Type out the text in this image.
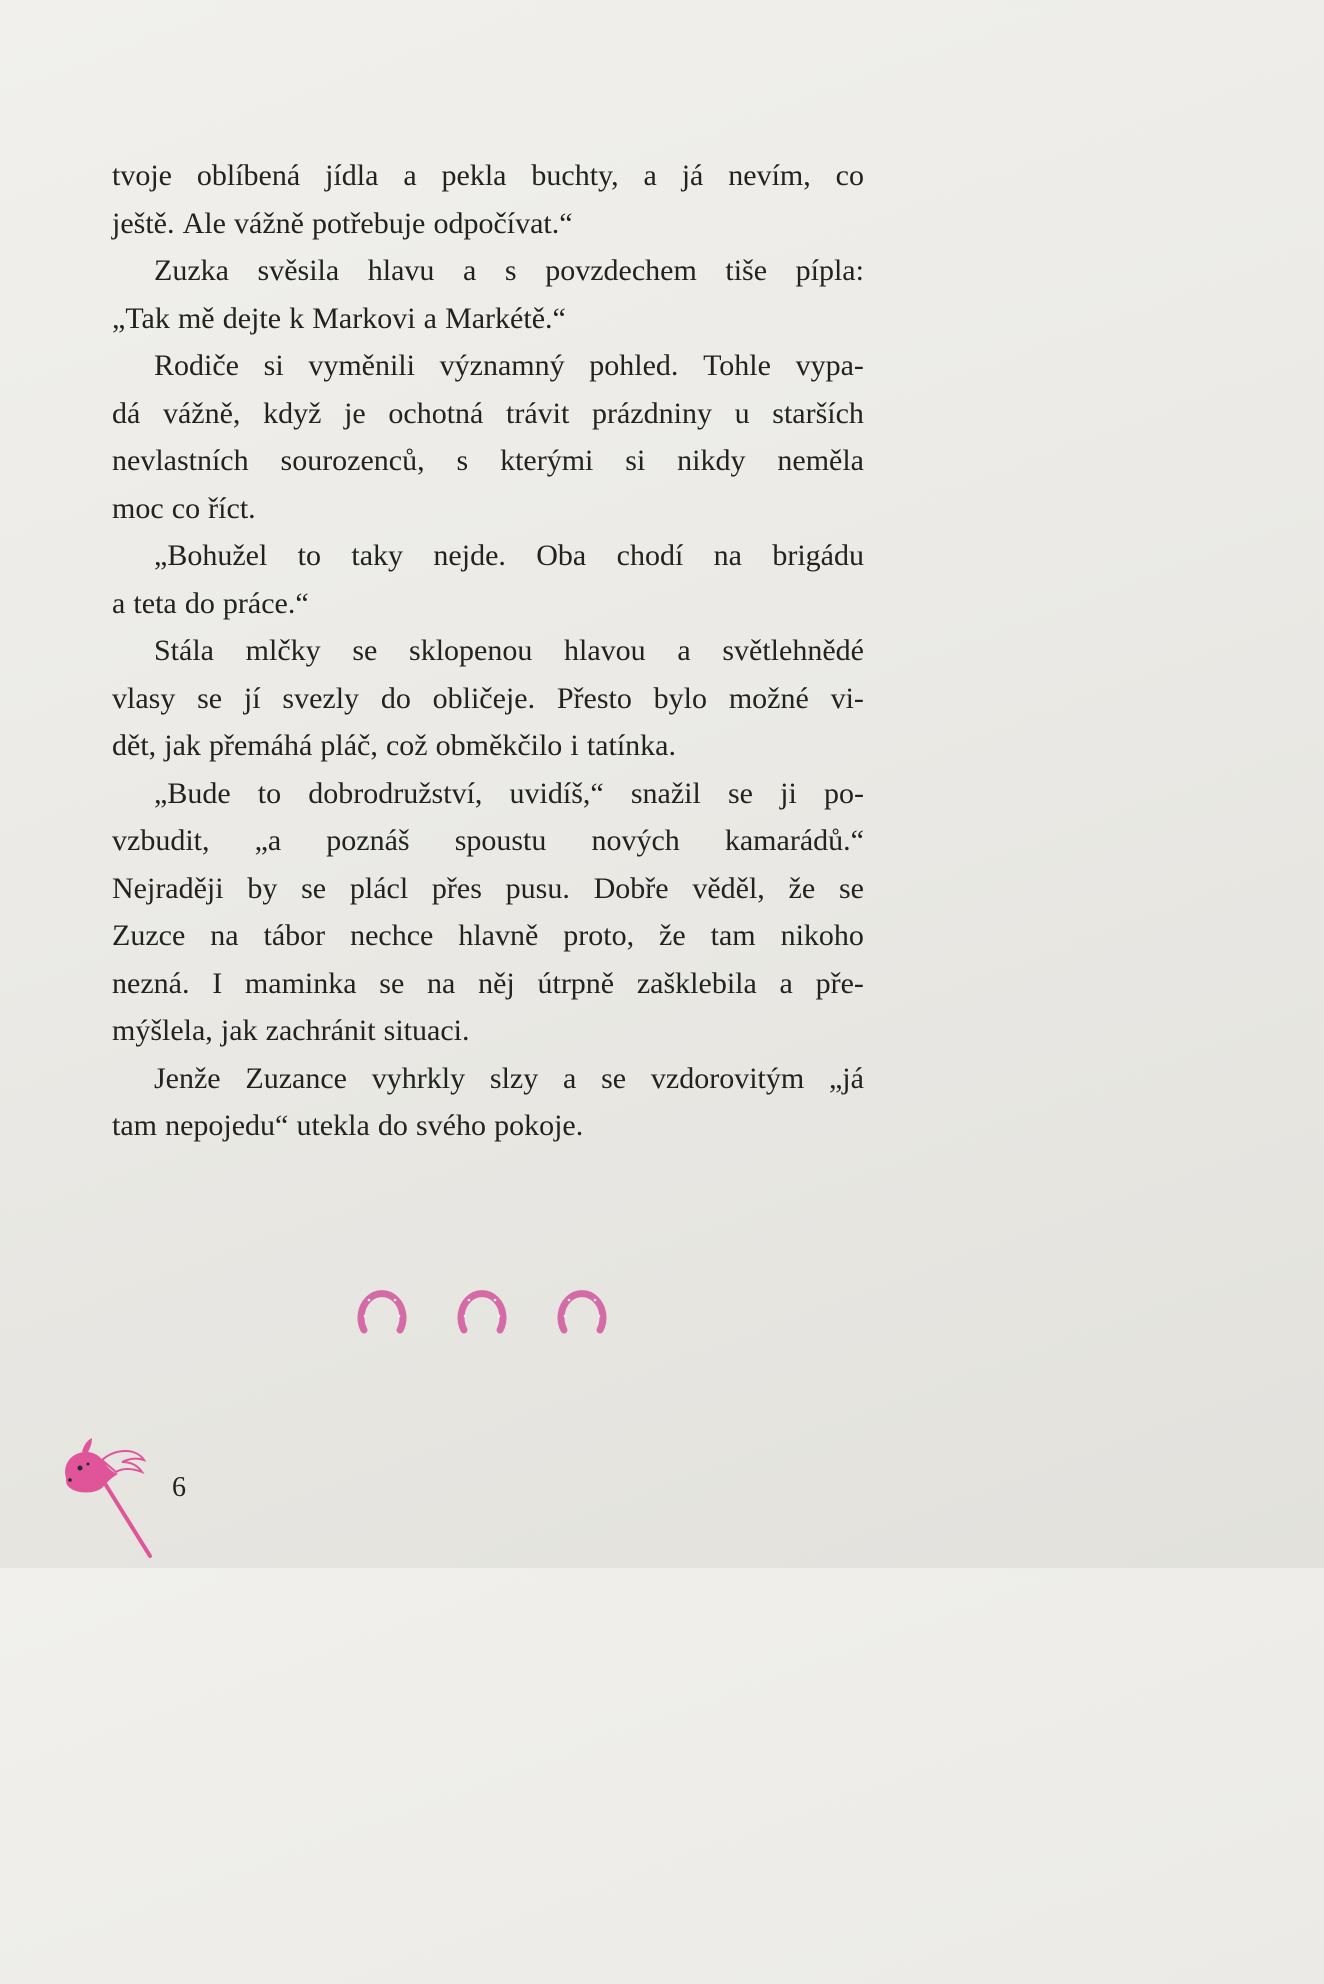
tvoje oblíbená jídla a pekla buchty, a já nevím, co
ještě. Ale vážně potřebuje odpočívat.“
Zuzka svěsila hlavu a s povzdechem tiše pípla:
„Tak mě dejte k Markovi a Markétě.“
Rodiče si vyměnili významný pohled. Tohle vypa-
dá vážně, když je ochotná trávit prázdniny u starších
nevlastních sourozenců, s kterými si nikdy neměla
moc co říct.
„Bohužel to taky nejde. Oba chodí na brigádu
a teta do práce.“
Stála mlčky se sklopenou hlavou a světlehnědé
vlasy se jí svezly do obličeje. Přesto bylo možné vi-
dět, jak přemáhá pláč, což obměkčilo i tatínka.
„Bude to dobrodružství, uvidíš,“ snažil se ji po-
vzbudit, „a poznáš spoustu nových kamarádů.“
Nejraději by se plácl přes pusu. Dobře věděl, že se
Zuzce na tábor nechce hlavně proto, že tam nikoho
nezná. I maminka se na něj útrpně zašklebila a pře-
mýšlela, jak zachránit situaci.
Jenže Zuzance vyhrkly slzy a se vzdorovitým „já
tam nepojedu“ utekla do svého pokoje.
6
